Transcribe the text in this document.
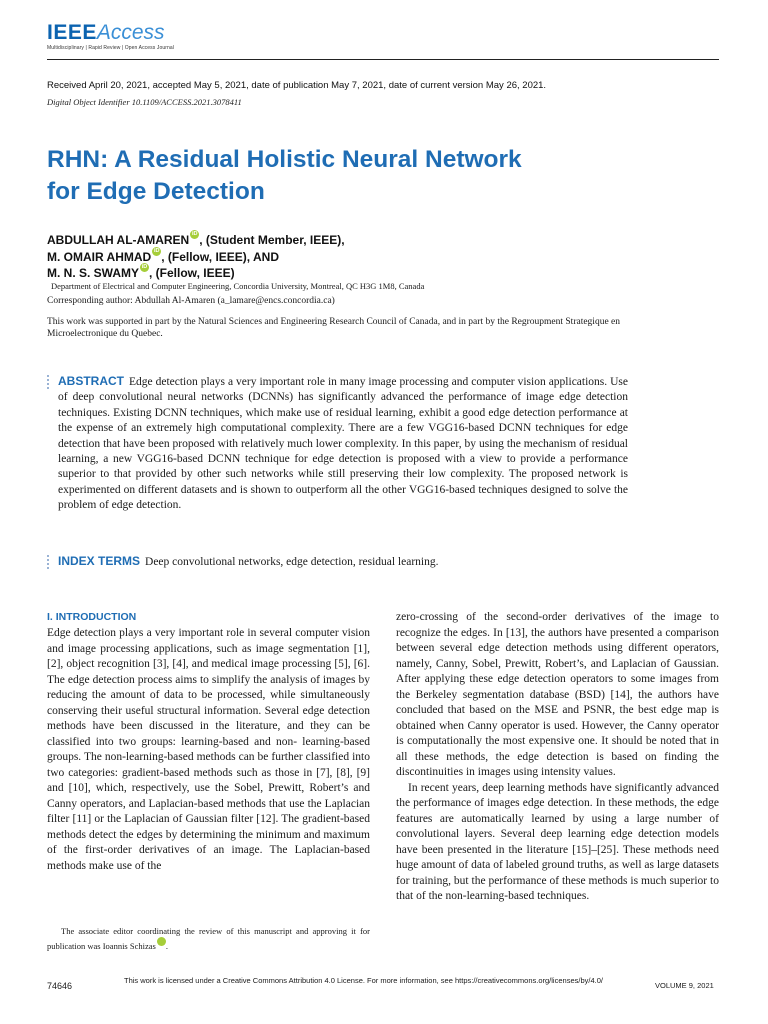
IEEEAccess
Multidisciplinary | Rapid Review | Open Access Journal
Received April 20, 2021, accepted May 5, 2021, date of publication May 7, 2021, date of current version May 26, 2021.
Digital Object Identifier 10.1109/ACCESS.2021.3078411
RHN: A Residual Holistic Neural Network
for Edge Detection
ABDULLAH AL-AMAREN iD , (Student Member, IEEE),
M. OMAIR AHMAD iD , (Fellow, IEEE), AND
M. N. S. SWAMY iD , (Fellow, IEEE)
Department of Electrical and Computer Engineering, Concordia University, Montreal, QC H3G 1M8, Canada
Corresponding author: Abdullah Al-Amaren (a_lamare@encs.concordia.ca)
This work was supported in part by the Natural Sciences and Engineering Research Council of Canada, and in part by the Regroupment Strategique en Microelectronique du Quebec.
ABSTRACT Edge detection plays a very important role in many image processing and computer vision applications. Use of deep convolutional neural networks (DCNNs) has significantly advanced the performance of image edge detection techniques. Existing DCNN techniques, which make use of residual learning, exhibit a good edge detection performance at the expense of an extremely high computational complexity. There are a few VGG16-based DCNN techniques for edge detection that have been proposed with relatively much lower complexity. In this paper, by using the mechanism of residual learning, a new VGG16-based DCNN technique for edge detection is proposed with a view to provide a performance superior to that provided by other such networks while still preserving their low complexity. The proposed network is experimented on different datasets and is shown to outperform all the other VGG16-based techniques designed to solve the problem of edge detection.
INDEX TERMS Deep convolutional networks, edge detection, residual learning.
I. INTRODUCTION

Edge detection plays a very important role in several computer vision and image processing applications, such as image segmentation [1], [2], object recognition [3], [4], and medical image processing [5], [6]. The edge detection process aims to simplify the analysis of images by reducing the amount of data to be processed, while simultaneously conserving their useful structural information. Several edge detection methods have been discussed in the literature, and they can be classified into two groups: learning-based and non- learning-based groups. The non-learning-based methods can be further classified into two categories: gradient-based methods such as those in [7], [8], [9] and [10], which, respectively, use the Sobel, Prewitt, Robert’s and Canny operators, and Laplacian-based methods that use the Laplacian filter [11] or the Laplacian of Gaussian filter [12]. The gradient-based methods detect the edges by determining the minimum and maximum of the first-order derivatives of an image. The Laplacian-based methods make use of the

zero-crossing of the second-order derivatives of the image to recognize the edges. In [13], the authors have presented a comparison between several edge detection methods using different operators, namely, Canny, Sobel, Prewitt, Robert’s, and Laplacian of Gaussian. After applying these edge detection operators to some images from the Berkeley segmentation database (BSD) [14], the authors have concluded that based on the MSE and PSNR, the best edge map is obtained when Canny operator is used. However, the Canny operator is computationally the most expensive one. It should be noted that in all these methods, the edge detection is based on finding the discontinuities in images using intensity values.

In recent years, deep learning methods have significantly advanced the performance of images edge detection. In these methods, the edge features are automatically learned by using a large number of convolutional layers. Several deep learning edge detection models have been presented in the literature [15]–[25]. These methods need huge amount of data of labeled ground truths, as well as large datasets for training, but the performance of these methods is much superior to that of the non-learning-based techniques.

The associate editor coordinating the review of this manuscript and approving it for publication was Ioannis Schizas	iD.
74646
This work is licensed under a Creative Commons Attribution 4.0 License. For more information, see https://creativecommons.org/licenses/by/4.0/
VOLUME 9, 2021
